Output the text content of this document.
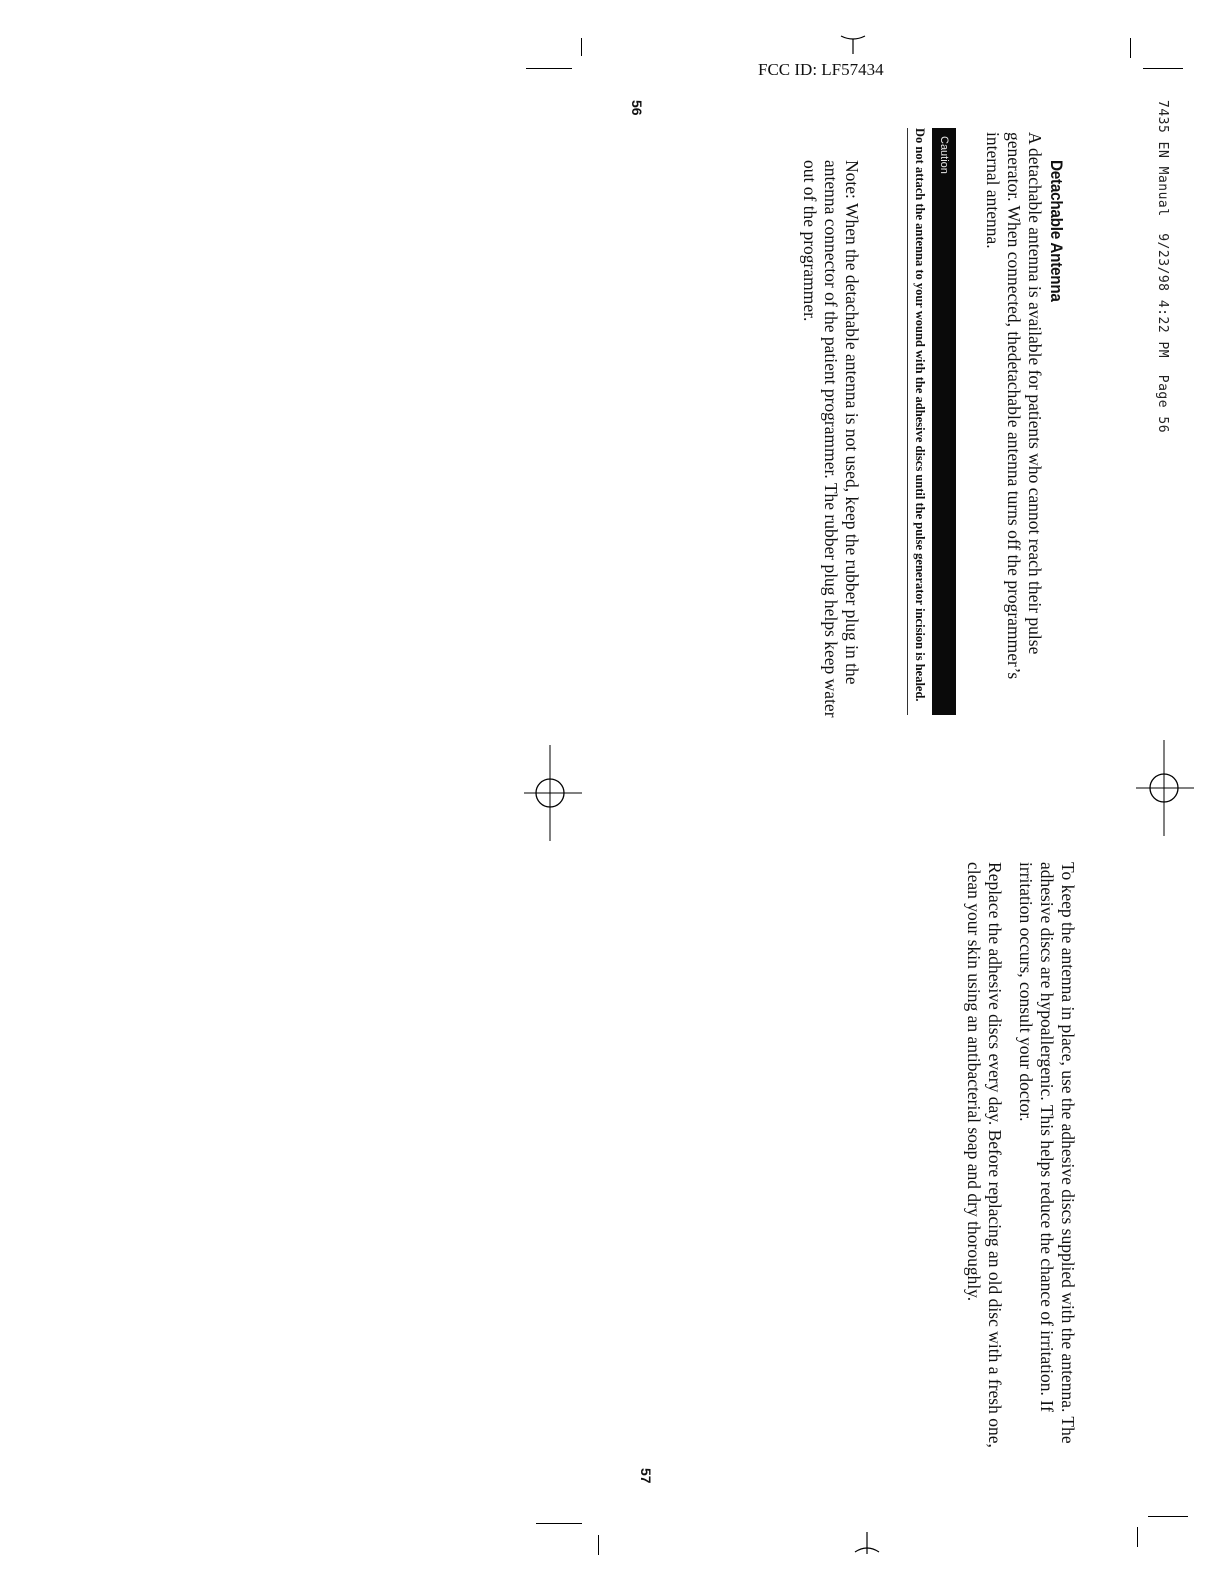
FCC ID: LF57434
7435 EN Manual  9/23/98 4:22 PM  Page 56
56
57
Detachable Antenna

A detachable antenna is available for patients who cannot reach their pulse generator. When connected, thedetachable antenna turns off the programmer’s internal antenna.

Caution
Do not attach the antenna to your wound with the adhesive discs until the pulse generator incision is healed.

Note: When the detachable antenna is not used, keep the rubber plug in the antenna connector of the patient programmer. The rubber plug helps keep water out of the programmer.

To keep the antenna in place, use the adhesive discs supplied with the antenna. The adhesive discs are hypoallergenic. This helps reduce the chance of irritation. If irritation occurs, consult your doctor.

Replace the adhesive discs every day. Before replacing an old disc with a fresh one, clean your skin using an antibacterial soap and dry thoroughly.
